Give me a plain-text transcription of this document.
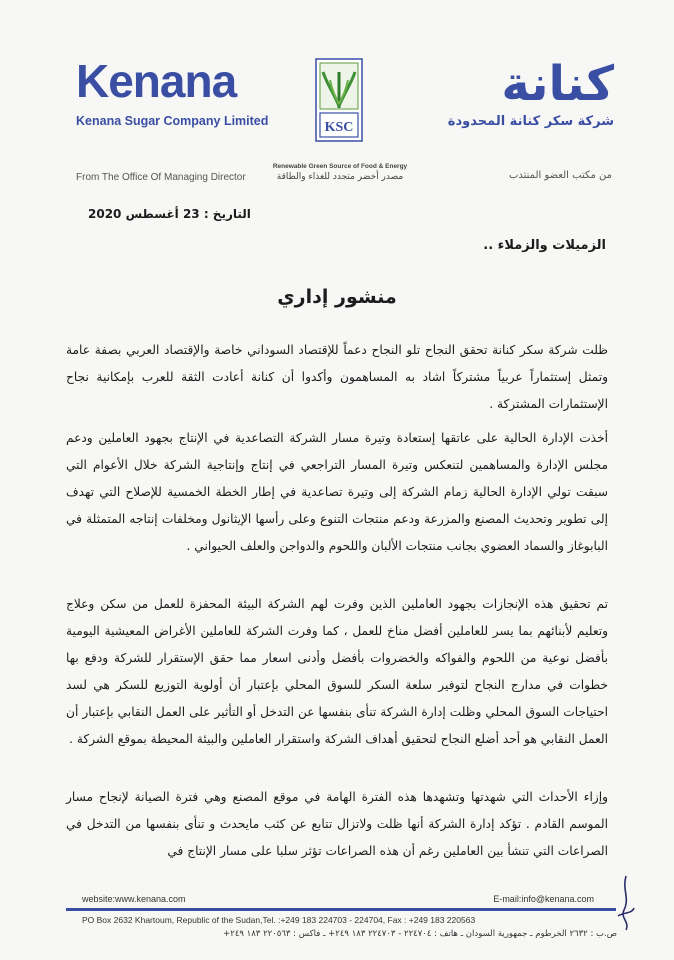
Kenana
Kenana Sugar Company Limited	KSC
كنانة
شركة سكر كنانة المحدودة
From The Office Of Managing Director
Renewable Green Source of Food & Energy
مصدر أخضر متجدد للغذاء والطاقة	من مكتب العضو المنتدب
التاريخ : 23 أغسطس 2020
الزميلات والزملاء ..
منشور إداري
ظلت شركة سكر كنانة تحقق النجاح تلو النجاح دعماً للإقتصاد السوداني خاصة والإقتصاد العربي بصفة عامة وتمثل إستثماراً عربياً مشتركاً اشاد به المساهمون وأكدوا أن كنانة أعادت الثقة للعرب بإمكانية نجاح الإستثمارات المشتركة .
أخذت الإدارة الحالية على عاتقها إستعادة وتيرة مسار الشركة التصاعدية في الإنتاج بجهود العاملين ودعم مجلس الإدارة والمساهمين لتنعكس وتيرة المسار التراجعي في إنتاج وإنتاجية الشركة خلال الأعوام التي سبقت تولي الإدارة الحالية زمام الشركة إلى وتيرة تصاعدية في إطار الخطة الخمسية للإصلاح التي تهدف إلى تطوير وتحديث المصنع والمزرعة ودعم منتجات التنوع وعلى رأسها الإيثانول ومخلفات إنتاجه المتمثلة في البابوغاز والسماد العضوي بجانب منتجات الألبان واللحوم والدواجن والعلف الحيواني .
تم تحقيق هذه الإنجازات بجهود العاملين الذين وفرت لهم الشركة البيئة المحفزة للعمل من سكن وعلاج وتعليم لأبنائهم بما يسر للعاملين أفضل مناخ للعمل ، كما وفرت الشركة للعاملين الأغراض المعيشية اليومية بأفضل نوعية من اللحوم والفواكه والخضروات بأفضل وأدنى اسعار مما حقق الإستقرار للشركة ودفع بها خطوات في مدارج النجاح لتوفير سلعة السكر للسوق المحلي بإعتبار أن أولوية التوزيع للسكر هي لسد احتياجات السوق المحلي وظلت إدارة الشركة تنأى بنفسها عن التدخل أو التأثير على العمل النقابي بإعتبار أن العمل النقابي هو أحد أضلع النجاح لتحقيق أهداف الشركة واستقرار العاملين والبيئة المحيطة بموقع الشركة .
وإزاء الأحداث التي شهدتها وتشهدها هذه الفترة الهامة في موقع المصنع وهي فترة الصيانة لإنجاح مسار الموسم القادم . تؤكد إدارة الشركة أنها ظلت ولاتزال تتابع عن كثب مايحدث و تنأى بنفسها من التدخل في الصراعات التي تنشأ بين العاملين رغم أن هذه الصراعات تؤثر سلبا على مسار الإنتاج في
website:www.kenana.com	E-mail:info@kenana.com
PO Box 2632 Khartoum, Republic of the Sudan,Tel. :+249 183 224703 - 224704, Fax : +249 183 220563
ص.ب : ٢٦٣٢ الخرطوم ـ جمهورية السودان ـ هاتف : ٢٢٤٧٠٤ - ٢٢٤٧٠٣ ١٨٣ ٢٤٩+ ـ فاكس : ٢٢٠٥٦٣ ١٨٣ ٢٤٩+
